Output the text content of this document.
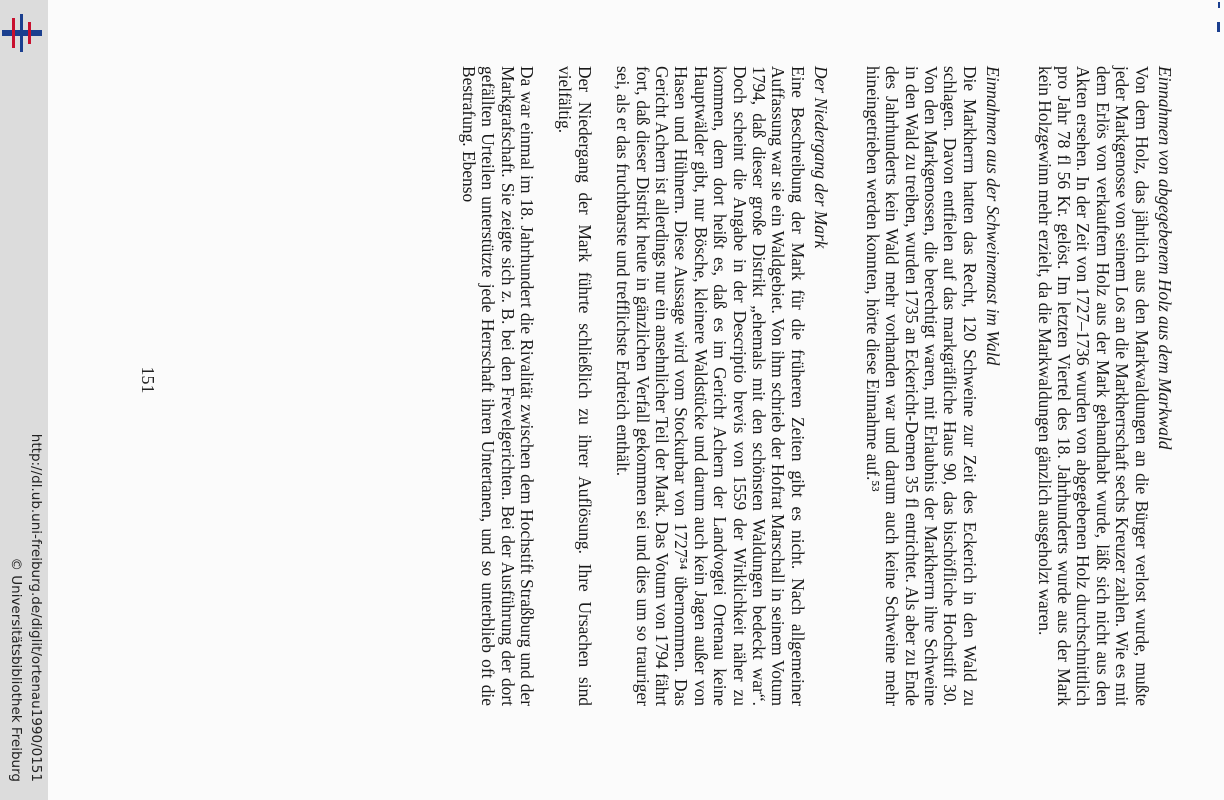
http://dl.ub.uni-freiburg.de/diglit/ortenau1990/0151
© Universitätsbibliothek Freiburg
Einnahmen von abgegebenem Holz aus dem Markwald

Von dem Holz, das jährlich aus den Markwaldungen an die Bürger verlost wurde, mußte jeder Markgenosse von seinem Los an die Markherrschaft sechs Kreuzer zahlen. Wie es mit dem Erlös von verkauftem Holz aus der Mark gehandhabt wurde, läßt sich nicht aus den Akten ersehen. In der Zeit von 1727–1736 wurden von abgegebenen Holz durchschnittlich pro Jahr 78 fl 56 Kr. gelöst. Im letzten Viertel des 18. Jahrhunderts wurde aus der Mark kein Holzgewinn mehr erzielt, da die Markwaldungen gänzlich ausgeholzt waren.

Einnahmen aus der Schweinemast im Wald

Die Markherrn hatten das Recht, 120 Schweine zur Zeit des Eckerich in den Wald zu schlagen. Davon entfielen auf das markgräfliche Haus 90, das bischöfliche Hochstift 30. Von den Markgenossen, die berechtigt waren, mit Erlaubnis der Markherrn ihre Schweine in den Wald zu treiben, wurden 1735 an Eckericht-Demen 35 fl entrichtet. Als aber zu Ende des Jahrhunderts kein Wald mehr vorhanden war und darum auch keine Schweine mehr hineingetrieben werden konnten, hörte diese Einnahme auf.⁵³

Der Niedergang der Mark

Eine Beschreibung der Mark für die früheren Zeiten gibt es nicht. Nach allgemeiner Auffassung war sie ein Waldgebiet. Von ihm schrieb der Hofrat Marschall in seinem Votum 1794, daß dieser große Distrikt „ehemals mit den schönsten Waldungen bedeckt war“. Doch scheint die Angabe in der Descriptio brevis von 1559 der Wirklichkeit näher zu kommen, dem dort heißt es, daß es im Gericht Achern der Landvogtei Ortenau keine Hauptwälder gibt, nur Bösche, kleinere Waldstücke und darum auch kein Jagen außer von Hasen und Hühnern. Diese Aussage wird vom Stockurbar von 1727⁵⁴ übernommen. Das Gericht Achern ist allerdings nur ein ansehnlicher Teil der Mark. Das Votum von 1794 fährt fort, daß dieser Distrikt heute in gänzlichen Verfall gekommen sei und dies um so trauriger sei, als er das fruchtbarste und trefflichste Erdreich enthält.

Der Niedergang der Mark führte schließlich zu ihrer Auflösung. Ihre Ursachen sind vielfältig.

Da war einmal im 18. Jahrhundert die Rivalität zwischen dem Hochstift Straßburg und der Markgrafschaft. Sie zeigte sich z. B. bei den Frevelgerichten. Bei der Ausführung der dort gefällten Urteilen unterstützte jede Herrschaft ihren Untertanen, und so unterblieb oft die Bestrafung. Ebenso

151
